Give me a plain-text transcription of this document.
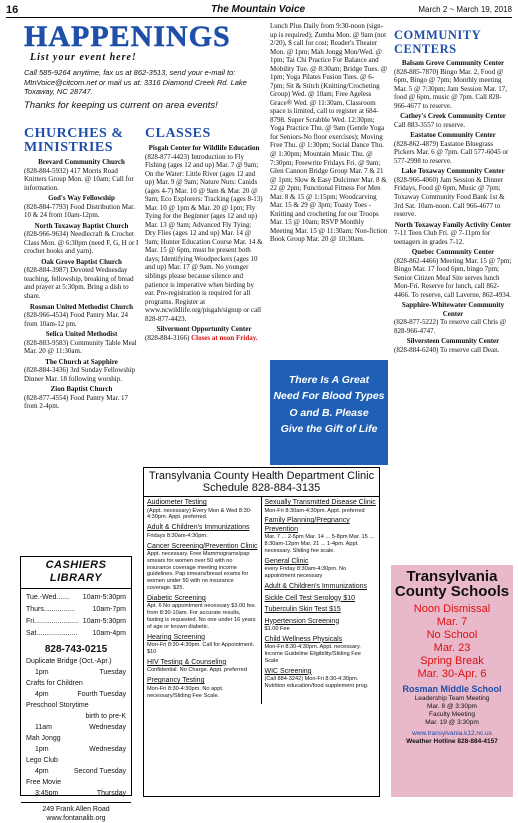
16	The Mountain Voice	March 2 ~ March 19, 2018
HAPPENINGS
List your event here!
Call 585-9264 anytime, fax us at 862-3513, send your e-mail to: MtnVoice@citcom.net or mail us at: 3316 Diamond Creek Rd. Lake Toxaway, NC 28747.
Thanks for keeping us current on area events!
CHURCHES & MINISTRIES
Brevard Community Church
(828-884-5932) 417 Morris Road Knitters Group Mon. @ 10am; Call for information.
God's Way Fellowship
(828-884-7793) Food Distribution Mar. 10 & 24 from 10am-12pm.
North Toxaway Baptist Church
(828-966-9634) Needlecraft & Crochet Class Mon. @ 6:30pm (need F, G, H or I crochet hooks and yarn).
Oak Grove Baptist Church
(828-884-3987) Devoted Wednesday teaching, fellowship, breaking of bread and prayer at 5:30pm. Bring a dish to share.
Rosman United Methodist Church
(828-966-4534) Food Pantry Mar. 24 from 10am-12 pm.
Selica United Methodist
(828-883-9583) Community Table Meal Mar. 20 @ 11:30am.
The Church at Sapphire
(828-884-3436) 3rd Sunday Fellowship Dinner Mar. 18 following worship.
Zion Baptist Church
(828-877-4554) Food Pantry Mar. 17 from 2-4pm.
CLASSES
Pisgah Center for Wildlife Education
(828-877-4423) Introduction to Fly Fishing (ages 12 and up) Mar. 7 @ 9am; On the Water: Little River (ages 12 and up) Mar. 9 @ 9am; Nature Nuts: Canids (ages 4-7) Mar. 10 @ 9am & Mar. 20 @ 9am; Eco Explorers: Tracking (ages 8-13) Mar. 10 @ 1pm & Mar. 20 @ 1pm; Fly Tying for the Beginner (ages 12 and up) Mar. 13 @ 9am; Advanced Fly Tying: Dry Flies (ages 12 and up) Mar. 14 @ 9am; Hunter Education Course Mar. 14 & Mar. 15 @ 6pm, must be present both days; Identifying Woodpeckers (ages 10 and up) Mar. 17 @ 9am. No younger siblings please because silence and patience is imperative when birding by ear. Pre-registration is required for all programs. Register at www.ncwildlife.org/pisgah/signup or call 828-877-4423.
Silvermont Opportunity Center
(828-884-3166) Closes at noon Friday.
Lunch Plus Daily from 9:30-noon (sign-up is required); Zumba Mon. @ 9am (not 2/20), $ call for cost; Reader's Theater Mon. @ 1pm; Mah Jongg Mon/Wed. @ 1pm; Tai Chi Practice For Balance and Mobility Tue. @ 8:30am; Bridge Tues. @ 1pm; Yoga Pilates Fusion Tues. @ 6-7pm; Sit & Stitch (Knitting/Crocheting Group) Wed. @ 10am; Free Ageless Grace® Wed. @ 11:30am, Classroom space is limited, call to register at 684-8798. Super Scrabble Wed. 12:30pm; Yoga Practice Thu. @ 9am (Gentle Yoga for Seniors-No floor exercises); Moving Free Thu. @ 1:30pm; Social Dance Thu. @ 1:30pm; Mountain Music Thu. @ 7:30pm; Freewrite Fridays Fri. @ 9am; Glen Cannon Bridge Group Mar. 7 & 21 @ 1pm; Slow & Easy Dulcimer Mar. 8 & 22 @ 2pm; Functional Fitness For Men Mar. 8 & 15 @ 1:15pm; Woodcarving Mar. 15 & 29 @ 3pm; Toasty Toes - Knitting and crocheting for our Troops Mar. 15 @ 10am; RSVP Monthly Meeting Mar. 15 @ 11:30am; Non-fiction Book Group Mar. 20 @ 10:30am.
There Is A Great
Need For Blood Types
O and B. Please
Give the Gift of Life
COMMUNITY CENTERS
Balsam Grove Community Center
(828-885-7870) Bingo Mar. 2, Food @ 6pm, Bingo @ 7pm; Monthly meeting Mar. 5 @ 7:30pm; Jam Session Mar. 17, food @ 6pm, music @ 7pm. Call 828-966-4677 to reserve.
Cathey's Creek Community Center
Call 883-3557 to reserve.
Eastatoe Community Center
(828-862-4879) Eastatoe Bluegrass Pickers Mar. 6 @ 7pm. Call 577-6045 or 577-2998 to reserve.
Lake Toxaway Community Center
(828-966-4060) Jam Session & Dinner Fridays, Food @ 6pm, Music @ 7pm; Toxaway Community Food Bank 1st & 3rd Sat. 10am-noon. Call 966-4677 to reserve.
North Toxaway Family Activity Center
7-11 Teen Club Fri. @ 7-11pm for teenagers in grades 7-12.
Quebec Community Center
(828-862-4466) Meeting Mar. 15 @ 7pm; Bingo Mar. 17 food 6pm, bingo 7pm; Senior Citizen Meal Site serves lunch Mon-Fri. Reserve for lunch, call 862-4466. To reserve, call Laverne, 862-4934.
Sapphire-Whitewater Community Center
(828-877-5222) To reserve call Chris @ 828-966-4747.
Silversteen Community Center
(828-884-6240) To reserve call Dean.
CASHIERS LIBRARY
Tue.-Wed....... 10am-5:30pm
Thurs................	10am-7pm
Fri....................... 10am-5:30pm
Sat..................... 10am-4pm
828-743-0215
Duplicate Bridge (Oct.-Apr.)
1pm	Tuesday
Crafts for Children
4pm	Fourth Tuesday
Preschool Storytime
birth to pre-K
11am	Wednesday
Mah Jongg
1pm	Wednesday
Lego Club
4pm	Second Tuesday
Free Movie
3:45pm	Thursday
249 Frank Allen Road
www.fontanalib.org
Transylvania County Health Department Clinic Schedule 828-884-3135
Audiometer Testing
(Appt. necessary) Every Mon & Wed 8:30-4:30pm. Appt. preferred.
Adult & Children's Immunizations
Fridays 8:30am-4:30pm.
Cancer Screening/Prevention Clinic
Appt. necessary. Free Mammograms/pap smears for women over 50 with no insurance coverage meeting income guidelines. Pap smears/breast exams for women under 50 with no insurance coverage. $25.
Diabetic Screening
Apt. 6 No appointment necessary $3.00 fee. from 8:30-10am. For accurate results, fasting is requested. No one under 16 years of age or known diabetic.
Hearing Screening
Mon-Fri 8:30-4:30pm. Call for Appointment. $10
HIV Testing & Counseling
Confidential. No Charge. Appt. preferred
Pregnancy Testing
Mon-Fri 8:30-4:30pm. No appt. necessary/Sliding Fee Scale.
Sexually Transmitted Disease Clinic
Mon-Fri 8:30am-4:30pm. Appt. preferred
Family Planning/Pregnancy Prevention
Mar. 7 ... 2-5pm Mar. 14 ... 5-8pm Mar. 15 ... 8:30am-12pm Mar. 21 ... 1-4pm. Appt. necessary. Sliding fee scale.
General Clinic
every Friday 8:30am-4:30pm. No appointment necessary
Adult & Children's Immunizations
Sickle Cell Test Serology $10
Tuberculin Skin Test $15
Hypertension Screening
$1.00 Fee
Child Wellness Physicals
Mon-Fri 8:30-4:30pm. Appt. necessary. Income Guideline Eligibility/Sliding Fee Scale
WIC Screening
(Call 884-3242) Mon-Fri 8:30-4:30pm. Nutrition education/food supplement prog.
Transylvania County Schools
Noon Dismissal
Mar. 7
No School
Mar. 23
Spring Break
Mar. 30-Apr. 6
Rosman Middle School
Leadership Team Meeting
Mar. 8 @ 3:30pm
Faculty Meeting
Mar. 19 @ 3:30pm
www.transylvania.k12.nc.us
Weather Hotline 828-884-4157
